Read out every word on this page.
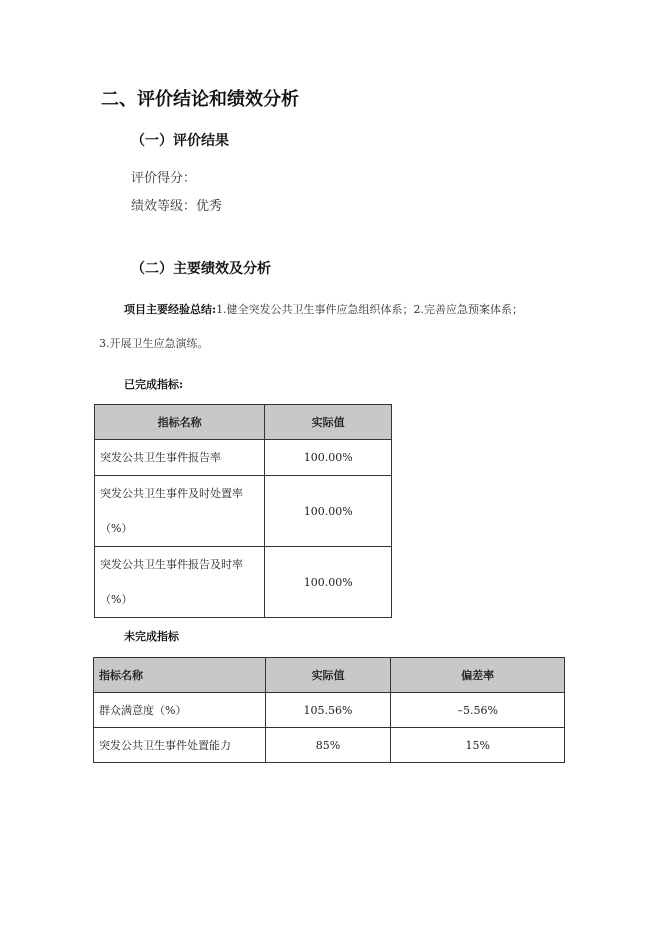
二、评价结论和绩效分析
（一）评价结果
评价得分：
绩效等级：优秀
（二）主要绩效及分析
项目主要经验总结:1.健全突发公共卫生事件应急组织体系；2.完善应急预案体系；
3.开展卫生应急演练。
已完成指标:
指标名称	实际值
突发公共卫生事件报告率	100.00%

突发公共卫生事件及时处置率
（%）	100.00%

突发公共卫生事件报告及时率
（%）	100.00%
未完成指标
指标名称	实际值	偏差率
群众满意度（%）	105.56%	–5.56%
突发公共卫生事件处置能力	85%	15%
